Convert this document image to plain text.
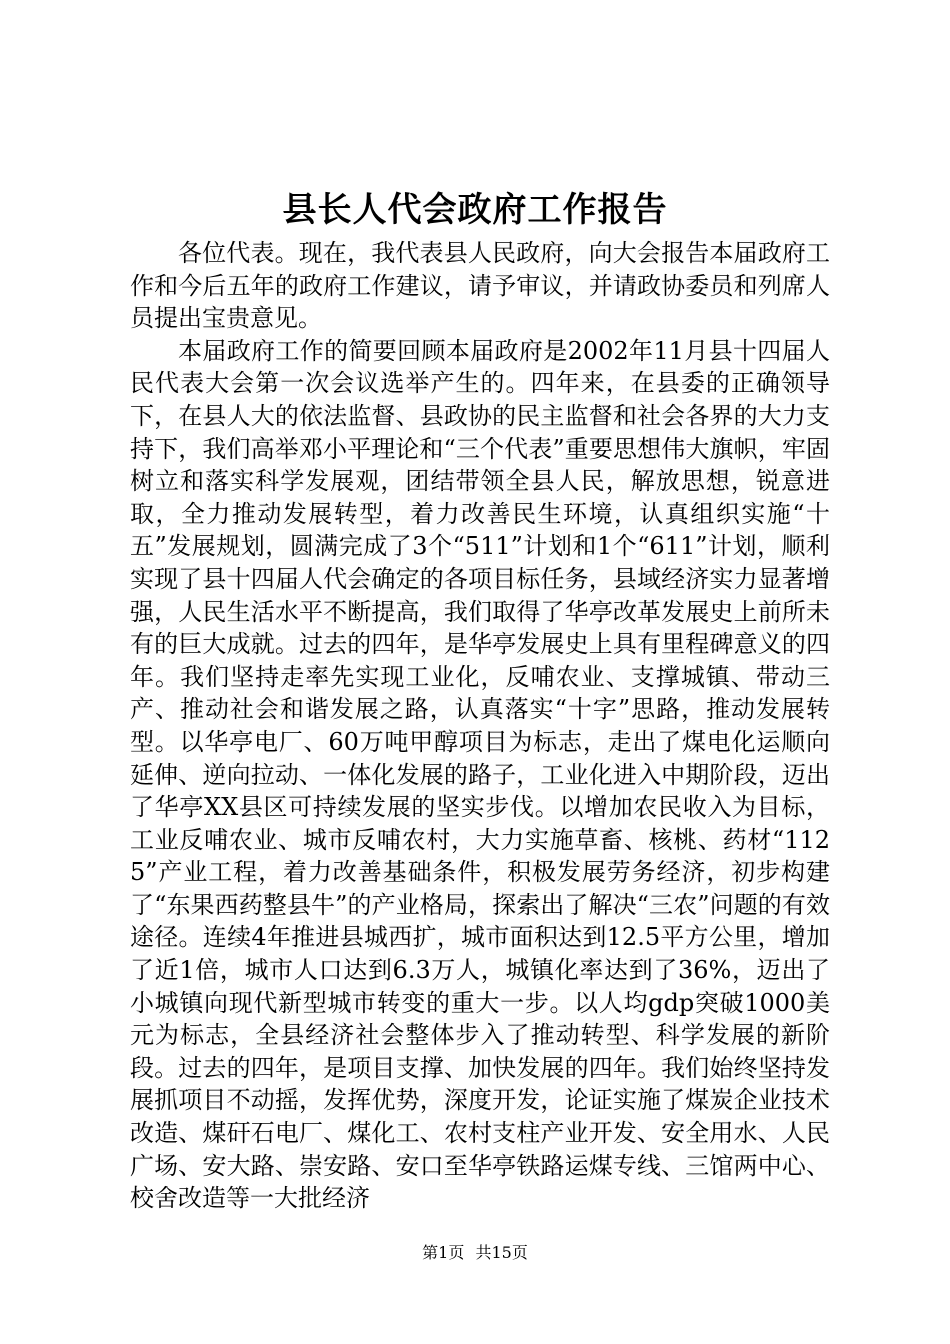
县长人代会政府工作报告

各位代表。现在，我代表县人民政府，向大会报告本届政府工作和今后五年的政府工作建议，请予审议，并请政协委员和列席人员提出宝贵意见。

本届政府工作的简要回顾本届政府是2002年11月县十四届人民代表大会第一次会议选举产生的。四年来，在县委的正确领导下，在县人大的依法监督、县政协的民主监督和社会各界的大力支持下，我们高举邓小平理论和“三个代表”重要思想伟大旗帜，牢固树立和落实科学发展观，团结带领全县人民，解放思想，锐意进取，全力推动发展转型，着力改善民生环境，认真组织实施“十五”发展规划，圆满完成了3个“511”计划和1个“611”计划，顺利实现了县十四届人代会确定的各项目标任务，县域经济实力显著增强，人民生活水平不断提高，我们取得了华亭改革发展史上前所未有的巨大成就。过去的四年，是华亭发展史上具有里程碑意义的四年。我们坚持走率先实现工业化，反哺农业、支撑城镇、带动三产、推动社会和谐发展之路，认真落实“十字”思路，推动发展转型。以华亭电厂、60万吨甲醇项目为标志，走出了煤电化运顺向延伸、逆向拉动、一体化发展的路子，工业化进入中期阶段，迈出了华亭XX县区可持续发展的坚实步伐。以增加农民收入为目标，工业反哺农业、城市反哺农村，大力实施草畜、核桃、药材“1125”产业工程，着力改善基础条件，积极发展劳务经济，初步构建了“东果西药整县牛”的产业格局，探索出了解决“三农”问题的有效途径。连续4年推进县城西扩，城市面积达到12.5平方公里，增加了近1倍，城市人口达到6.3万人，城镇化率达到了36%，迈出了小城镇向现代新型城市转变的重大一步。以人均gdp突破1000美元为标志，全县经济社会整体步入了推动转型、科学发展的新阶段。过去的四年，是项目支撑、加快发展的四年。我们始终坚持发展抓项目不动摇，发挥优势，深度开发，论证实施了煤炭企业技术改造、煤矸石电厂、煤化工、农村支柱产业开发、安全用水、人民广场、安大路、崇安路、安口至华亭铁路运煤专线、三馆两中心、校舍改造等一大批经济

第1页 共15页
